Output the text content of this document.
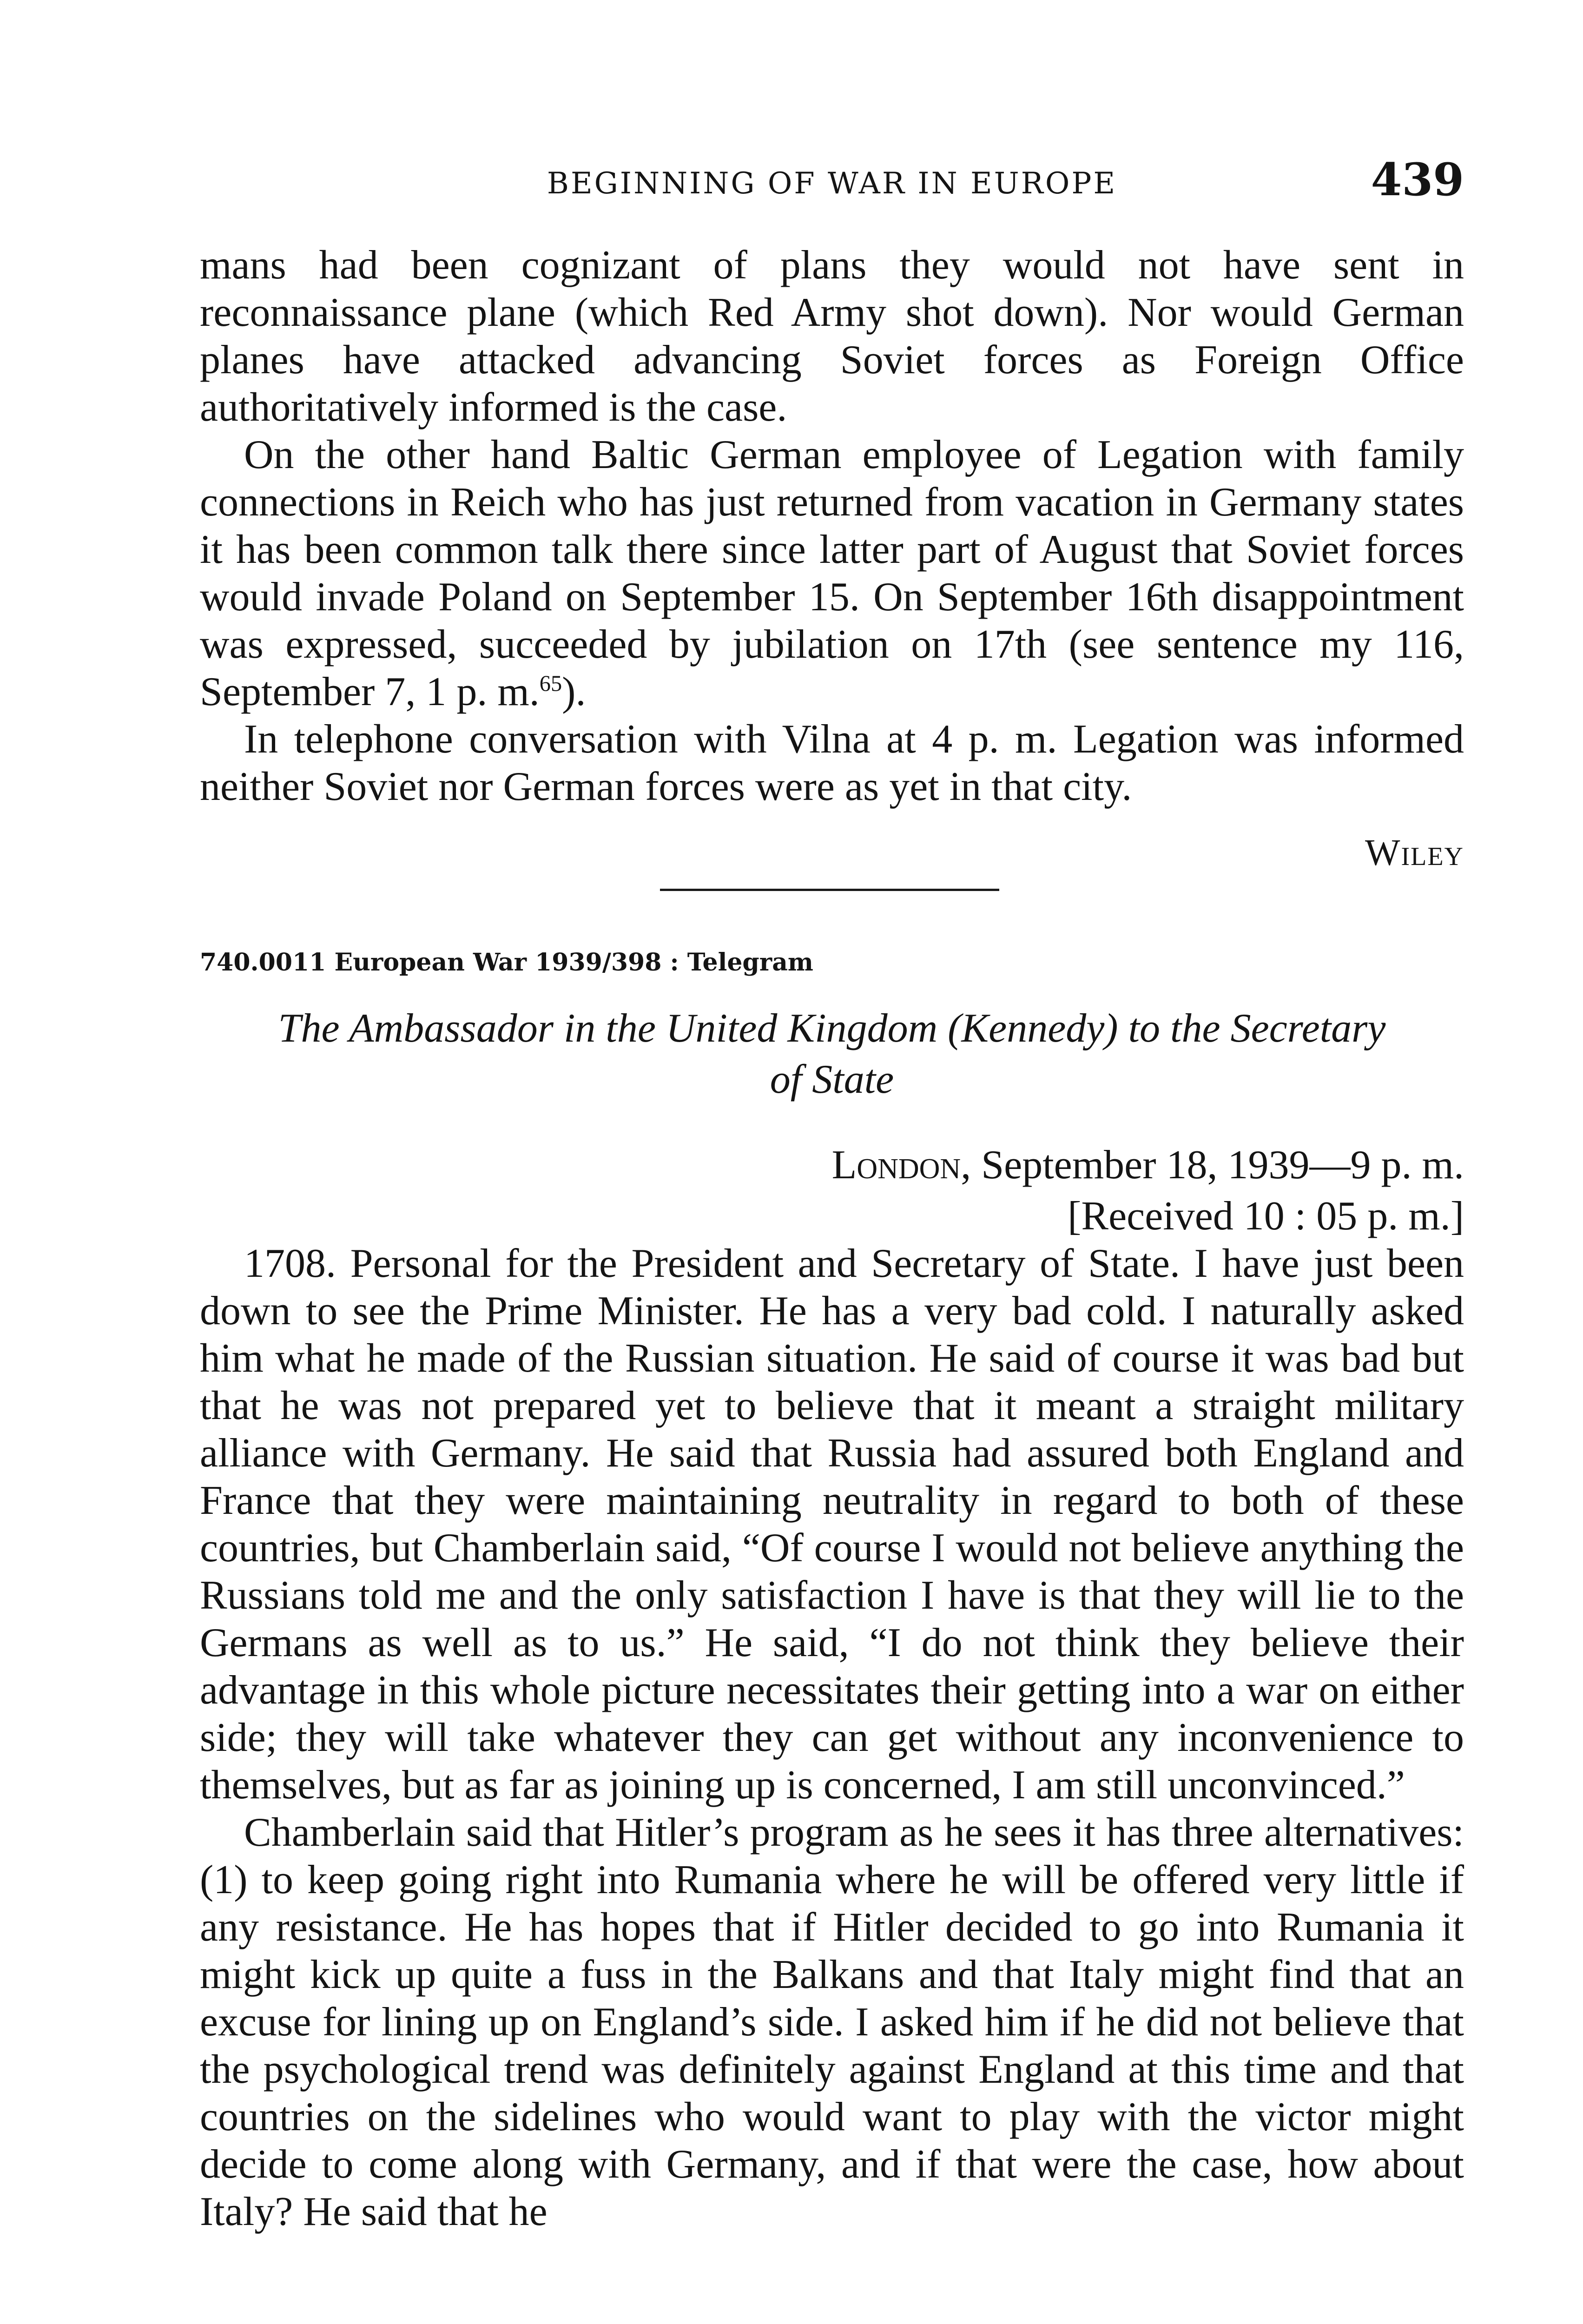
BEGINNING OF WAR IN EUROPE	439

mans had been cognizant of plans they would not have sent in reconnaissance plane (which Red Army shot down). Nor would German planes have attacked advancing Soviet forces as Foreign Office authoritatively informed is the case.

On the other hand Baltic German employee of Legation with family connections in Reich who has just returned from vacation in Germany states it has been common talk there since latter part of August that Soviet forces would invade Poland on September 15. On September 16th disappointment was expressed, succeeded by jubilation on 17th (see sentence my 116, September 7, 1 p. m.$^{65}$).

In telephone conversation with Vilna at 4 p. m. Legation was informed neither Soviet nor German forces were as yet in that city.

Wiley
740.0011 European War 1939/398 : Telegram
The Ambassador in the United Kingdom (Kennedy) to the Secretary
of State
London, September 18, 1939—9 p. m.
[Received 10 : 05 p. m.]

1708. Personal for the President and Secretary of State. I have just been down to see the Prime Minister. He has a very bad cold. I naturally asked him what he made of the Russian situation. He said of course it was bad but that he was not prepared yet to believe that it meant a straight military alliance with Germany. He said that Russia had assured both England and France that they were maintaining neutrality in regard to both of these countries, but Chamberlain said, “Of course I would not believe anything the Russians told me and the only satisfaction I have is that they will lie to the Germans as well as to us.” He said, “I do not think they believe their advantage in this whole picture necessitates their getting into a war on either side; they will take whatever they can get without any inconvenience to themselves, but as far as joining up is concerned, I am still unconvinced.”

Chamberlain said that Hitler’s program as he sees it has three alternatives: (1) to keep going right into Rumania where he will be offered very little if any resistance. He has hopes that if Hitler decided to go into Rumania it might kick up quite a fuss in the Balkans and that Italy might find that an excuse for lining up on England’s side. I asked him if he did not believe that the psychological trend was definitely against England at this time and that countries on the sidelines who would want to play with the victor might decide to come along with Germany, and if that were the case, how about Italy? He said that he
